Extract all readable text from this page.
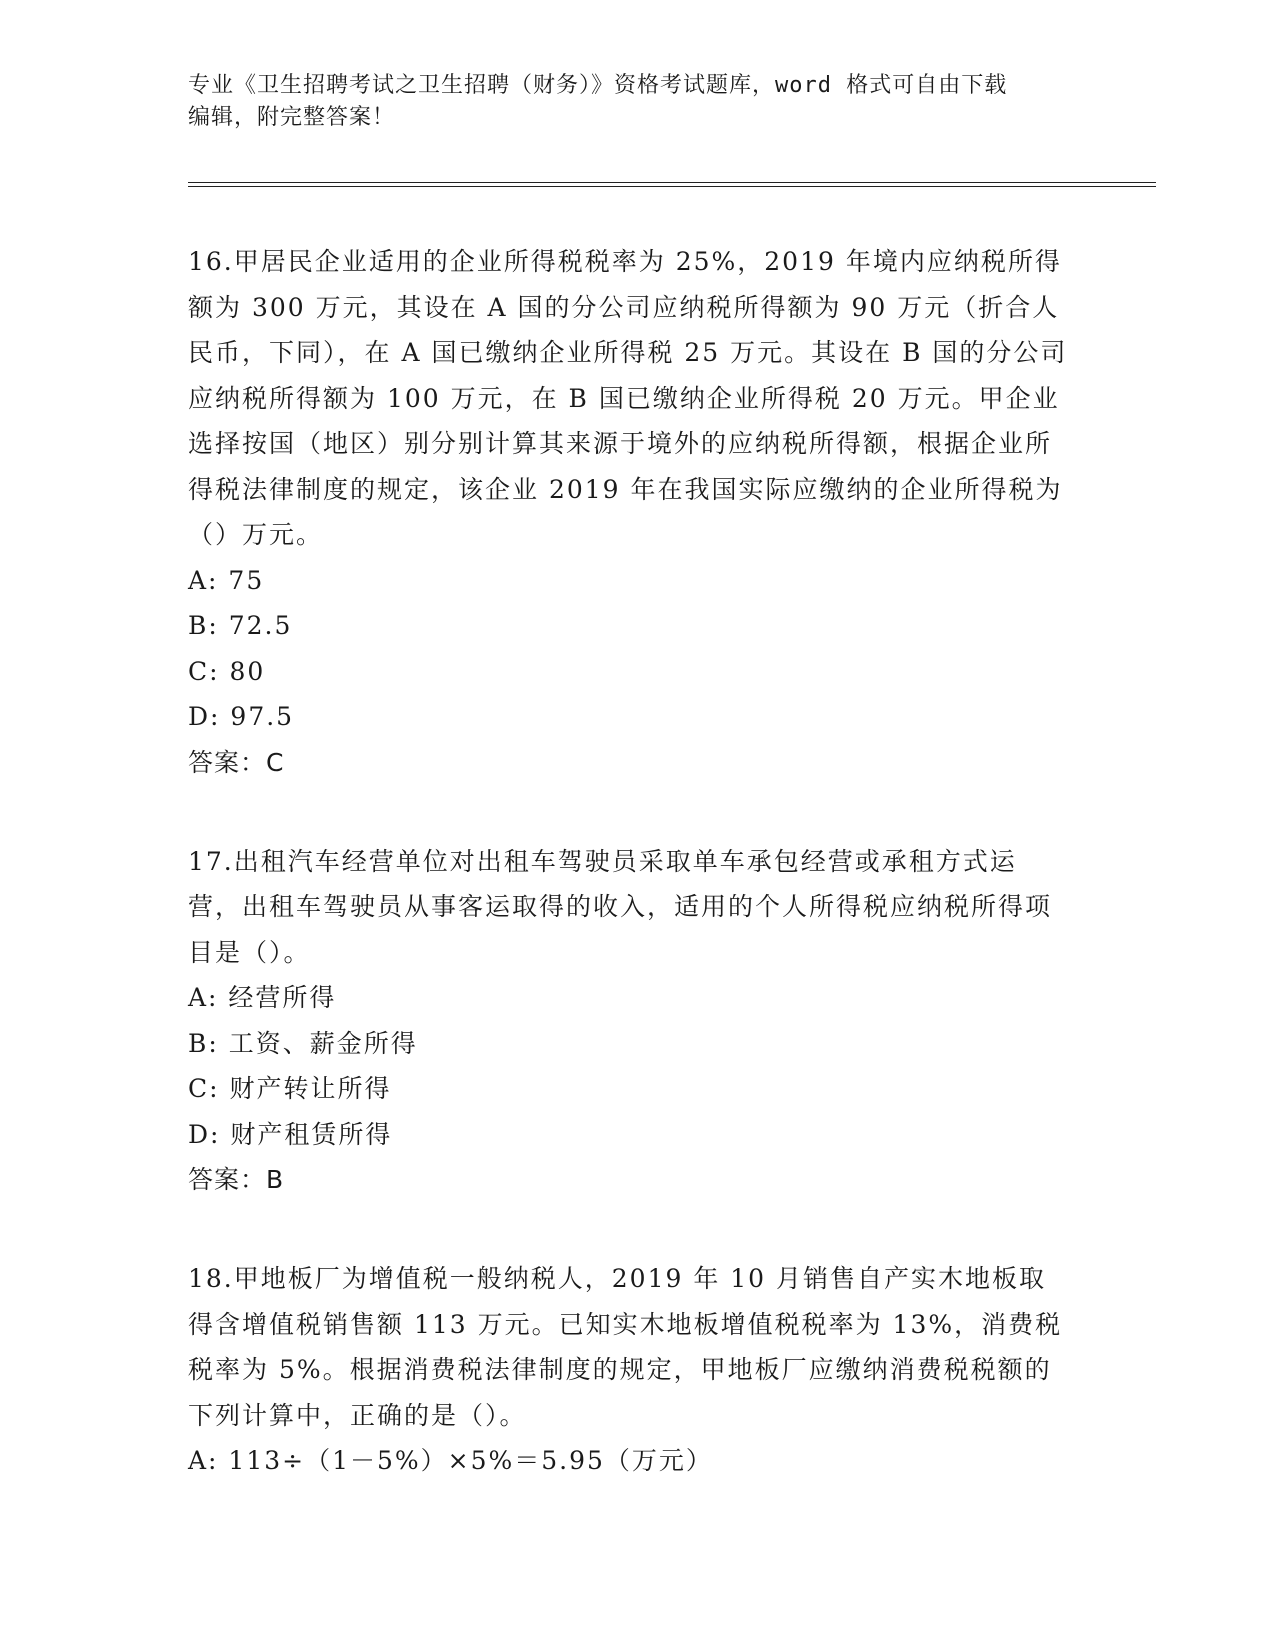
专业《卫生招聘考试之卫生招聘（财务）》资格考试题库，word 格式可自由下载
编辑，附完整答案！
16.甲居民企业适用的企业所得税税率为 25%，2019 年境内应纳税所得额为 300 万元，其设在 A 国的分公司应纳税所得额为 90 万元（折合人民币，下同），在 A 国已缴纳企业所得税 25 万元。其设在 B 国的分公司应纳税所得额为 100 万元，在 B 国已缴纳企业所得税 20 万元。甲企业选择按国（地区）别分别计算其来源于境外的应纳税所得额，根据企业所得税法律制度的规定，该企业 2019 年在我国实际应缴纳的企业所得税为（）万元。
A: 75
B: 72.5
C: 80
D: 97.5
答案：C
17.出租汽车经营单位对出租车驾驶员采取单车承包经营或承租方式运营，出租车驾驶员从事客运取得的收入，适用的个人所得税应纳税所得项目是（）。
A: 经营所得
B: 工资、薪金所得
C: 财产转让所得
D: 财产租赁所得
答案：B
18.甲地板厂为增值税一般纳税人，2019 年 10 月销售自产实木地板取得含增值税销售额 113 万元。已知实木地板增值税税率为 13%，消费税税率为 5%。根据消费税法律制度的规定，甲地板厂应缴纳消费税税额的下列计算中，正确的是（）。
A: 113÷（1－5%）×5%＝5.95（万元）
